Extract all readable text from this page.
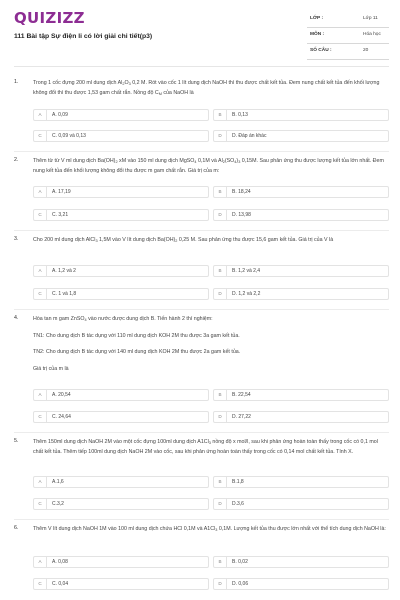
QUIZIZZ
111 Bài tập Sự điện li có lời giải chi tiết(p3)
LỚP :	Lớp 11
MÔN :	Hóa học
SỐ CÂU :	20
1.	Trong 1 cốc đựng 200 ml dung dịch $Al_2O_3$ 0,2 M. Rót vào cốc 1 lít dung dịch NaOH thì thu được chất kết tủa. Đem nung chất kết tủa đến khối lượng không đổi thì thu được 1,53 gam chất rắn. Nồng độ $C_M$ của NaOH là
A	A. 0,09	B	B. 0,13
C	C. 0,09 và 0,13	D	D. Đáp án khác
2.	Thêm từ từ V ml dung dịch $Ba(OH)_2$ xM vào 150 ml dung dịch MgSO$_4$ 0,1M và $Al_2(SO_4)_3$ 0,15M. Sau phản ứng thu được lượng kết tủa lớn nhất. Đem nung kết tủa đến khối lượng không đổi thu được m gam chất rắn. Giá trị của m:
A	A. 17,19	B	B. 18,24
C	C. 3,21	D	D. 13,98
3.	Cho 200 ml dung dịch AlCl$_3$ 1,5M vào V lít dung dịch $Ba(OH)_2$ 0,25 M. Sau phản ứng thu được 15,6 gam kết tủa. Giá trị của V là
A	A. 1,2 và 2	B	B. 1,2 và 2,4
C	C. 1 và 1,8	D	D. 1,2 và 2,2
4.	Hòa tan m gam ZnSO$_4$ vào nước được dung dịch B. Tiến hành 2 thí nghiệm:

TN1: Cho dung dịch B tác dụng với 110 ml dung dịch KOH 2M thu được 3a gam kết tủa.

TN2: Cho dung dịch B tác dụng với 140 ml dung dịch KOH 2M thu được 2a gam kết tủa.

Giá trị của m là

A	A. 20,54	B	B. 22,54
C	C. 24,64	D	D. 27,22
5.	Thêm 150ml dung dịch NaOH 2M vào một cốc đựng 100ml dung dịch $A1Cl_3$ nồng độ x mol/l, sau khi phản ứng hoàn toàn thấy trong cốc có 0,1 mol chất kết tủa. Thêm tiếp 100ml dung dịch NaOH 2M vào cốc, sau khi phản ứng hoàn toàn thấy trong cốc có 0,14 mol chất kết tủa. Tính X.
A	A.1,6	B	B.1,8
C	C.3,2	D	D.3,6
6.	Thêm V lít dung dịch NaOH 1M vào 100 ml dung dịch chứa HCl 0,1M và $A1Cl_3$ 0,1M. Lượng kết tủa thu được lớn nhất với thể tích dung dịch NaOH là:
A	A. 0,08	B	B. 0,02
C	C. 0,04	D	D. 0,06
